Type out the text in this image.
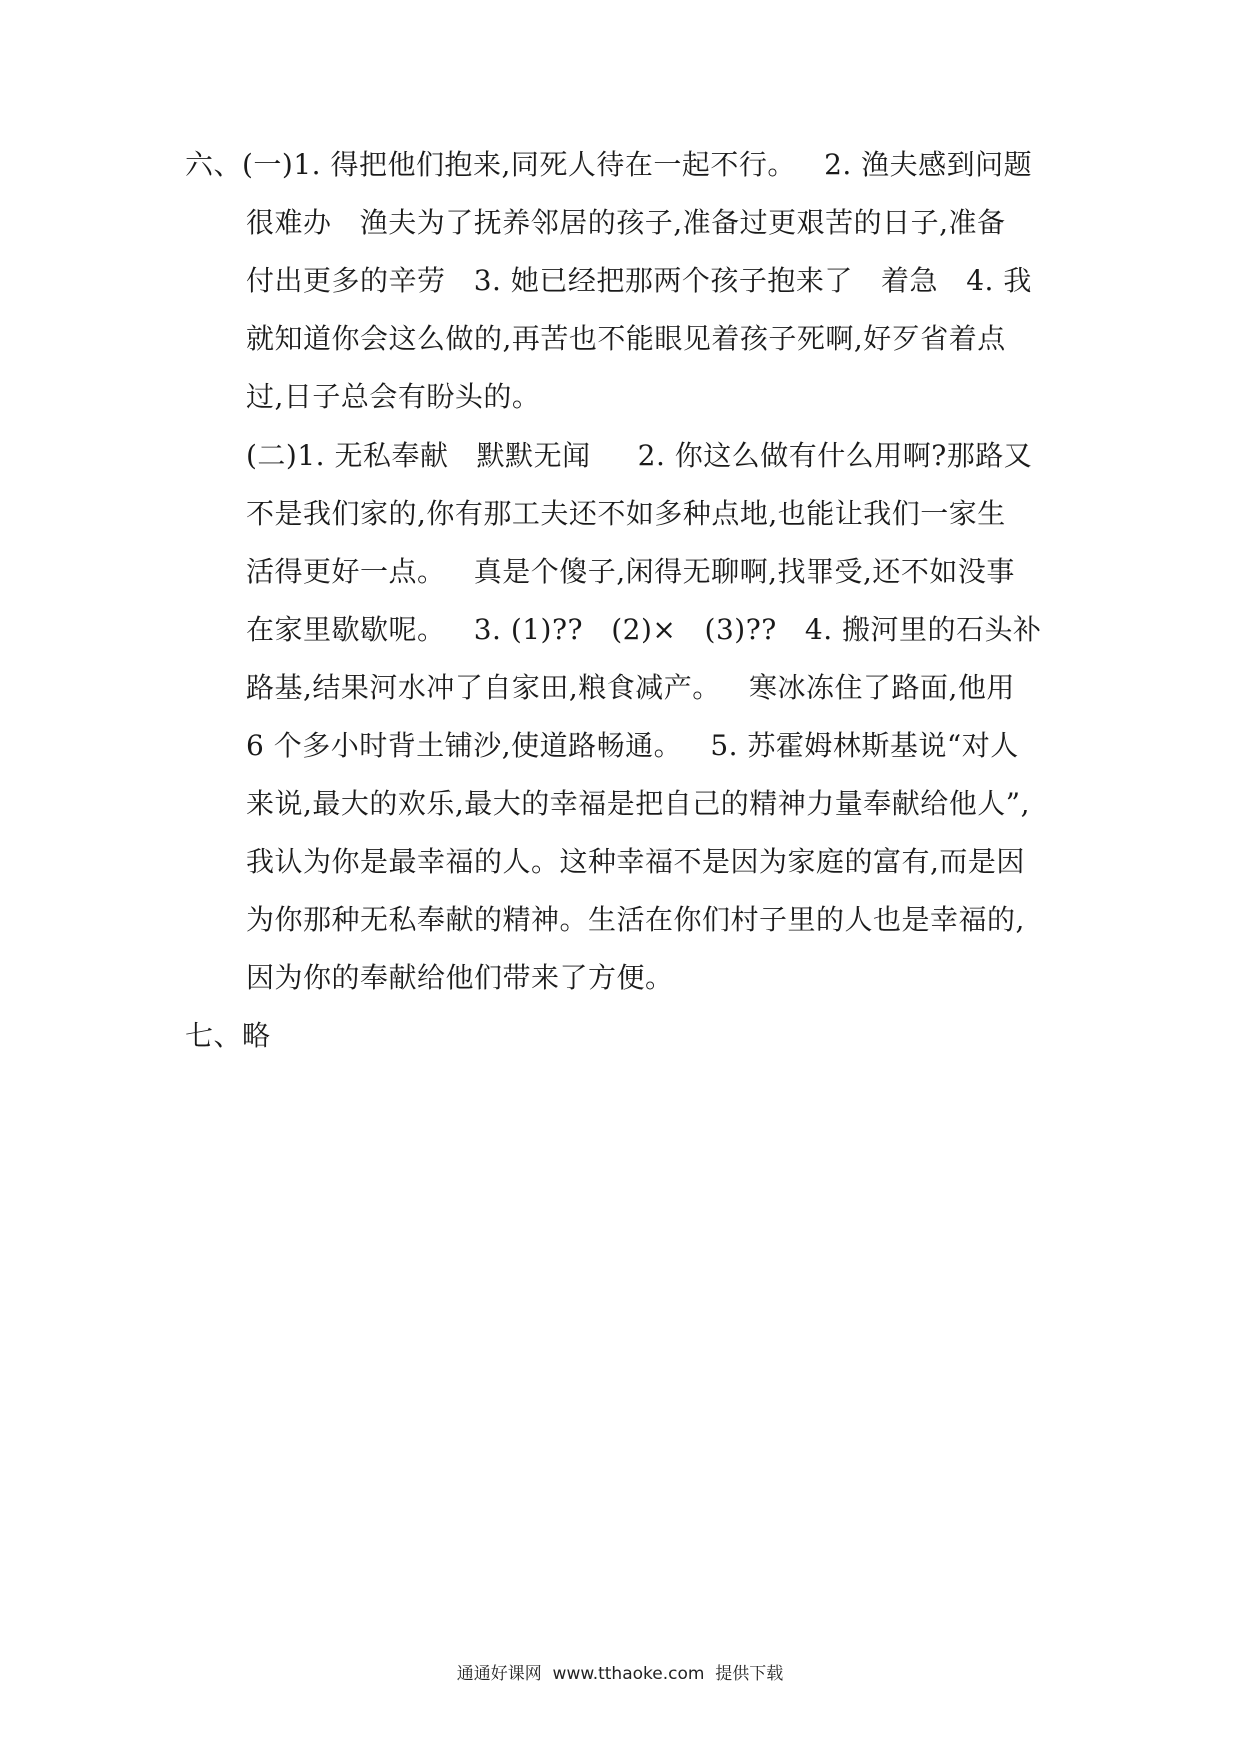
六、(一)1. 得把他们抱来,同死人待在一起不行。   2. 渔夫感到问题
很难办   渔夫为了抚养邻居的孩子,准备过更艰苦的日子,准备
付出更多的辛劳   3. 她已经把那两个孩子抱来了   着急   4. 我
就知道你会这么做的,再苦也不能眼见着孩子死啊,好歹省着点
过,日子总会有盼头的。
(二)1. 无私奉献   默默无闻     2. 你这么做有什么用啊?那路又
不是我们家的,你有那工夫还不如多种点地,也能让我们一家生
活得更好一点。   真是个傻子,闲得无聊啊,找罪受,还不如没事
在家里歇歇呢。   3. (1)??   (2)×   (3)??   4. 搬河里的石头补
路基,结果河水冲了自家田,粮食减产。   寒冰冻住了路面,他用
6 个多小时背土铺沙,使道路畅通。   5. 苏霍姆林斯基说“对人
来说,最大的欢乐,最大的幸福是把自己的精神力量奉献给他人”,
我认为你是最幸福的人。这种幸福不是因为家庭的富有,而是因
为你那种无私奉献的精神。生活在你们村子里的人也是幸福的,
因为你的奉献给他们带来了方便。
七、略
通通好课网  www.tthaoke.com  提供下载
